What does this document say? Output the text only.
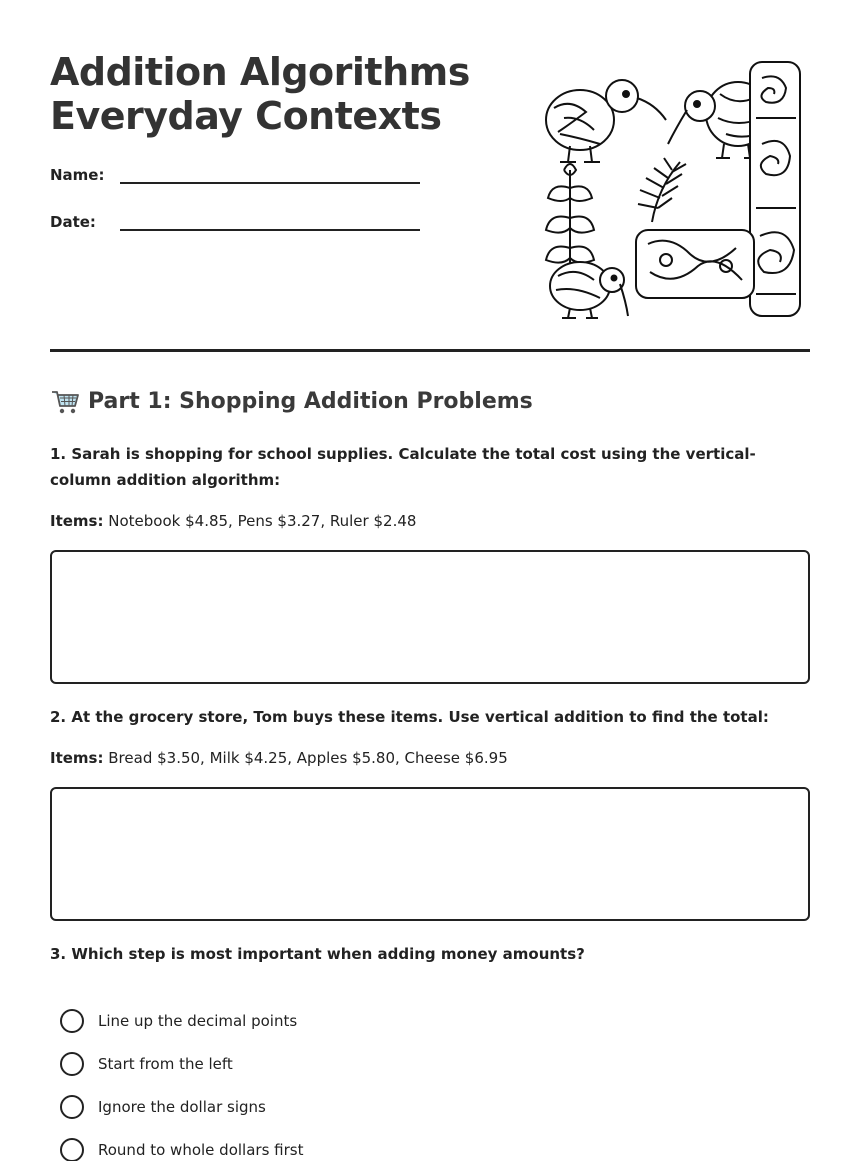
Addition Algorithms
Everyday Contexts
Name:
Date:
Part 1: Shopping Addition Problems
1. Sarah is shopping for school supplies. Calculate the total cost using the vertical-column addition algorithm:
Items: Notebook $4.85, Pens $3.27, Ruler $2.48
2. At the grocery store, Tom buys these items. Use vertical addition to find the total:
Items: Bread $3.50, Milk $4.25, Apples $5.80, Cheese $6.95
3. Which step is most important when adding money amounts?
Line up the decimal points
Start from the left
Ignore the dollar signs
Round to whole dollars first
